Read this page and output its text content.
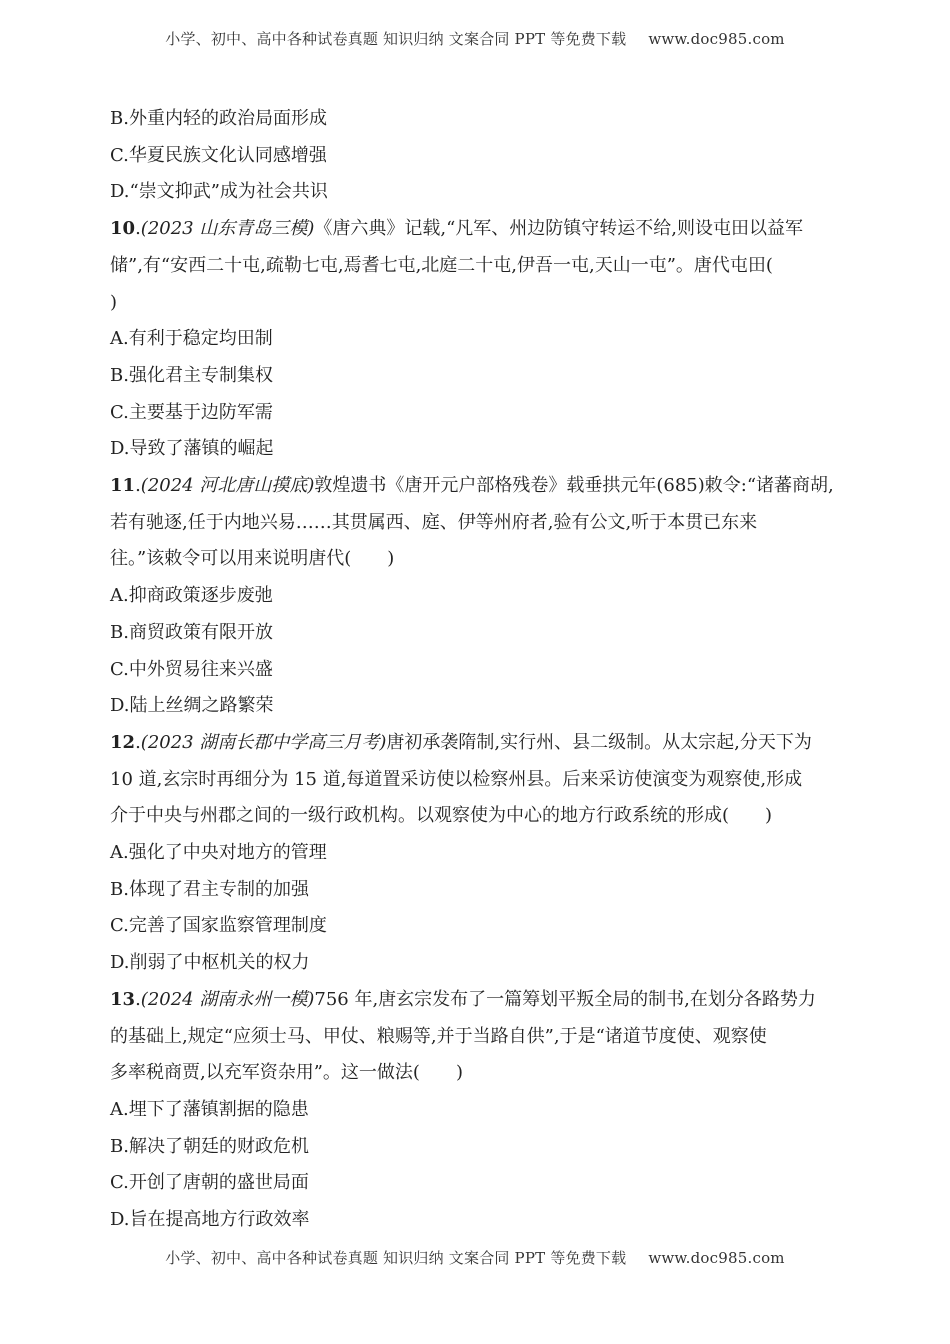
小学、初中、高中各种试卷真题 知识归纳 文案合同 PPT 等免费下载 www.doc985.com
B.外重内轻的政治局面形成
C.华夏民族文化认同感增强
D.“崇文抑武”成为社会共识
10.(2023 山东青岛三模)《唐六典》记载,“凡军、州边防镇守转运不给,则设屯田以益军
储”,有“安西二十屯,疏勒七屯,焉耆七屯,北庭二十屯,伊吾一屯,天山一屯”。唐代屯田(
)
A.有利于稳定均田制
B.强化君主专制集权
C.主要基于边防军需
D.导致了藩镇的崛起
11.(2024 河北唐山摸底)敦煌遗书《唐开元户部格残卷》载垂拱元年(685)敕令:“诸蕃商胡,
若有驰逐,任于内地兴易……其贯属西、庭、伊等州府者,验有公文,听于本贯已东来
往。”该敕令可以用来说明唐代(　　)
A.抑商政策逐步废弛
B.商贸政策有限开放
C.中外贸易往来兴盛
D.陆上丝绸之路繁荣
12.(2023 湖南长郡中学高三月考)唐初承袭隋制,实行州、县二级制。从太宗起,分天下为
10 道,玄宗时再细分为 15 道,每道置采访使以检察州县。后来采访使演变为观察使,形成
介于中央与州郡之间的一级行政机构。以观察使为中心的地方行政系统的形成(　　)
A.强化了中央对地方的管理
B.体现了君主专制的加强
C.完善了国家监察管理制度
D.削弱了中枢机关的权力
13.(2024 湖南永州一模)756 年,唐玄宗发布了一篇筹划平叛全局的制书,在划分各路势力
的基础上,规定“应须士马、甲仗、粮赐等,并于当路自供”,于是“诸道节度使、观察使
多率税商贾,以充军资杂用”。这一做法(　　)
A.埋下了藩镇割据的隐患
B.解决了朝廷的财政危机
C.开创了唐朝的盛世局面
D.旨在提高地方行政效率
小学、初中、高中各种试卷真题 知识归纳 文案合同 PPT 等免费下载 www.doc985.com
